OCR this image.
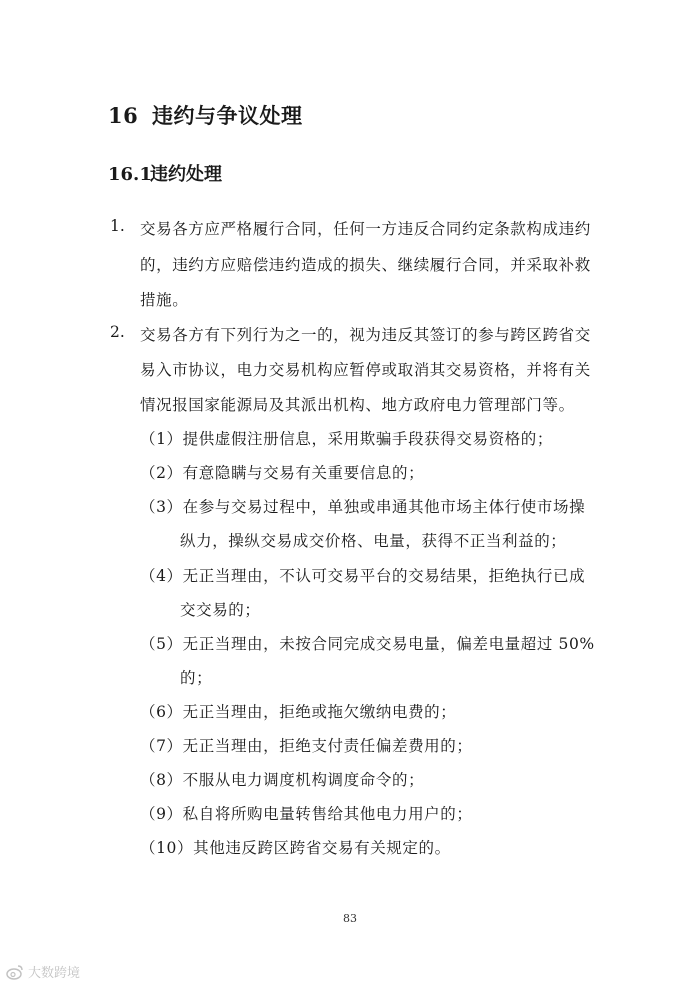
16 违约与争议处理
16.1违约处理
1. 交易各方应严格履行合同，任何一方违反合同约定条款构成违约
的，违约方应赔偿违约造成的损失、继续履行合同，并采取补救
措施。
2. 交易各方有下列行为之一的，视为违反其签订的参与跨区跨省交
易入市协议，电力交易机构应暂停或取消其交易资格，并将有关
情况报国家能源局及其派出机构、地方政府电力管理部门等。
（1）提供虚假注册信息，采用欺骗手段获得交易资格的；
（2）有意隐瞒与交易有关重要信息的；
（3）在参与交易过程中，单独或串通其他市场主体行使市场操
纵力，操纵交易成交价格、电量，获得不正当利益的；
（4）无正当理由，不认可交易平台的交易结果，拒绝执行已成
交交易的；
（5）无正当理由，未按合同完成交易电量，偏差电量超过 50%
的；
（6）无正当理由，拒绝或拖欠缴纳电费的；
（7）无正当理由，拒绝支付责任偏差费用的；
（8）不服从电力调度机构调度命令的；
（9）私自将所购电量转售给其他电力用户的；
（10）其他违反跨区跨省交易有关规定的。
83
大数跨境
